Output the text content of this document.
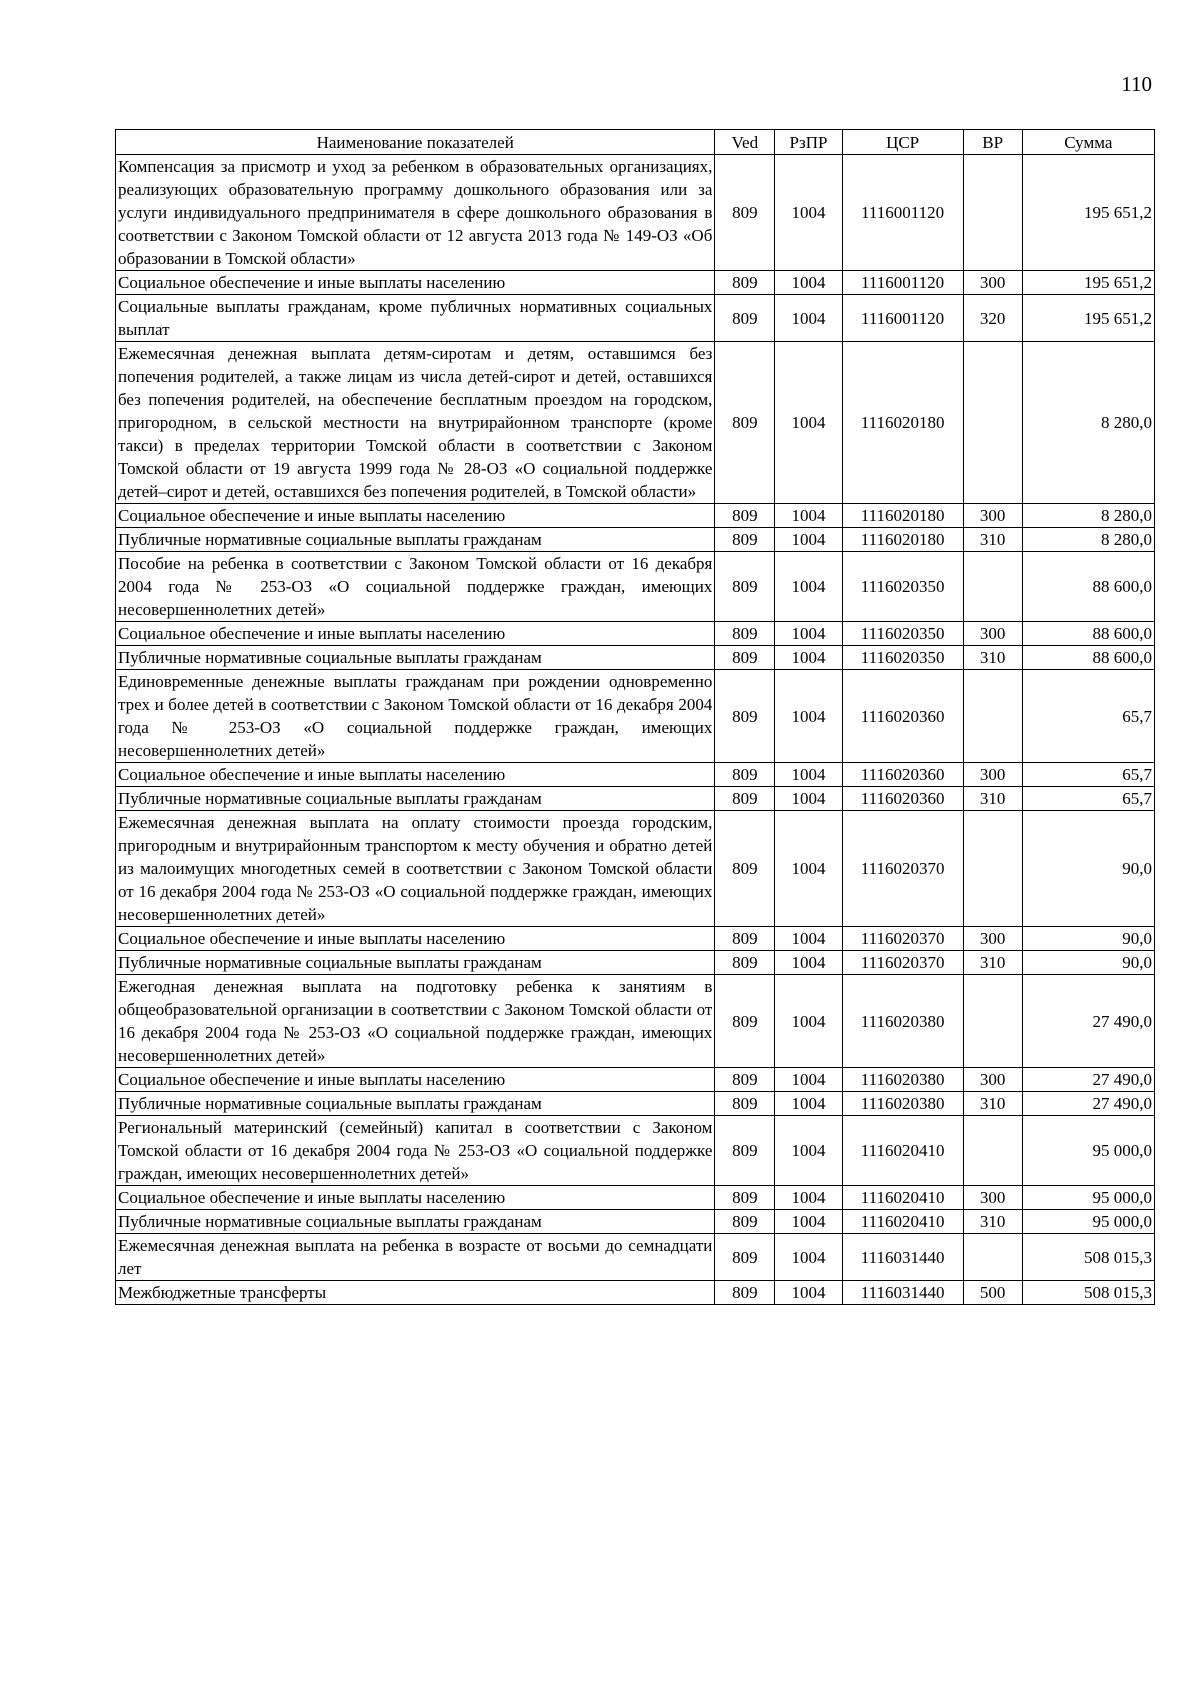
110
Наименование показателей	Ved	РзПР	ЦСР	ВР	Сумма
Компенсация за присмотр и уход за ребенком в образовательных организациях, реализующих образовательную программу дошкольного образования или за услуги индивидуального предпринимателя в сфере дошкольного образования в соответствии с Законом Томской области от 12 августа 2013 года № 149-ОЗ «Об образовании в Томской области»	809	1004	1116001120		195 651,2
Социальное обеспечение и иные выплаты населению	809	1004	1116001120	300	195 651,2
Социальные выплаты гражданам, кроме публичных нормативных социальных выплат	809	1004	1116001120	320	195 651,2
Ежемесячная денежная выплата детям-сиротам и детям, оставшимся без попечения родителей, а также лицам из числа детей-сирот и детей, оставшихся без попечения родителей, на обеспечение бесплатным проездом на городском, пригородном, в сельской местности на внутрирайонном транспорте (кроме такси) в пределах территории Томской области в соответствии с Законом Томской области от 19 августа 1999 года № 28-ОЗ «О социальной поддержке детей–сирот и детей, оставшихся без попечения родителей, в Томской области»	809	1004	1116020180		8 280,0
Социальное обеспечение и иные выплаты населению	809	1004	1116020180	300	8 280,0
Публичные нормативные социальные выплаты гражданам	809	1004	1116020180	310	8 280,0
Пособие на ребенка в соответствии с Законом Томской области от 16 декабря 2004 года № 253-ОЗ «О социальной поддержке граждан, имеющих несовершеннолетних детей»	809	1004	1116020350		88 600,0
Социальное обеспечение и иные выплаты населению	809	1004	1116020350	300	88 600,0
Публичные нормативные социальные выплаты гражданам	809	1004	1116020350	310	88 600,0
Единовременные денежные выплаты гражданам при рождении одновременно трех и более детей в соответствии с Законом Томской области от 16 декабря 2004 года № 253-ОЗ «О социальной поддержке граждан, имеющих несовершеннолетних детей»	809	1004	1116020360		65,7
Социальное обеспечение и иные выплаты населению	809	1004	1116020360	300	65,7
Публичные нормативные социальные выплаты гражданам	809	1004	1116020360	310	65,7
Ежемесячная денежная выплата на оплату стоимости проезда городским, пригородным и внутрирайонным транспортом к месту обучения и обратно детей из малоимущих многодетных семей в соответствии с Законом Томской области от 16 декабря 2004 года № 253-ОЗ «О социальной поддержке граждан, имеющих несовершеннолетних детей»	809	1004	1116020370		90,0
Социальное обеспечение и иные выплаты населению	809	1004	1116020370	300	90,0
Публичные нормативные социальные выплаты гражданам	809	1004	1116020370	310	90,0
Ежегодная денежная выплата на подготовку ребенка к занятиям в общеобразовательной организации в соответствии с Законом Томской области от 16 декабря 2004 года № 253-ОЗ «О социальной поддержке граждан, имеющих несовершеннолетних детей»	809	1004	1116020380		27 490,0
Социальное обеспечение и иные выплаты населению	809	1004	1116020380	300	27 490,0
Публичные нормативные социальные выплаты гражданам	809	1004	1116020380	310	27 490,0
Региональный материнский (семейный) капитал в соответствии с Законом Томской области от 16 декабря 2004 года № 253-ОЗ «О социальной поддержке граждан, имеющих несовершеннолетних детей»	809	1004	1116020410		95 000,0
Социальное обеспечение и иные выплаты населению	809	1004	1116020410	300	95 000,0
Публичные нормативные социальные выплаты гражданам	809	1004	1116020410	310	95 000,0
Ежемесячная денежная выплата на ребенка в возрасте от восьми до семнадцати лет	809	1004	1116031440		508 015,3
Межбюджетные трансферты	809	1004	1116031440	500	508 015,3
